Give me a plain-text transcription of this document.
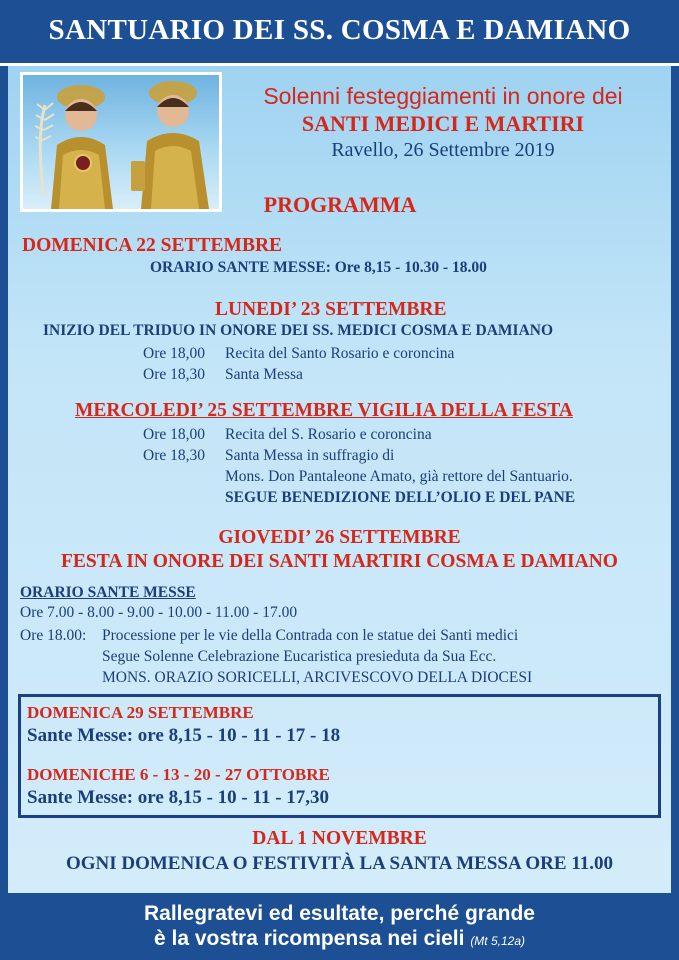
SANTUARIO DEI SS. COSMA E DAMIANO
Solenni festeggiamenti in onore dei
SANTI MEDICI E MARTIRI
Ravello, 26 Settembre 2019
PROGRAMMA
DOMENICA 22 SETTEMBRE
ORARIO SANTE MESSE: Ore 8,15 - 10.30 - 18.00
LUNEDI’ 23 SETTEMBRE
INIZIO DEL TRIDUO IN ONORE DEI SS. MEDICI COSMA E DAMIANO
Ore 18,00 Recita del Santo Rosario e coroncina
Ore 18,30 Santa Messa
MERCOLEDI’ 25 SETTEMBRE VIGILIA DELLA FESTA
Ore 18,00 Recita del S. Rosario e coroncina
Ore 18,30 Santa Messa in suffragio di
Mons. Don Pantaleone Amato, già rettore del Santuario.
SEGUE BENEDIZIONE DELL’OLIO E DEL PANE
GIOVEDI’ 26 SETTEMBRE
FESTA IN ONORE DEI SANTI MARTIRI COSMA E DAMIANO
ORARIO SANTE MESSE
Ore 7.00 - 8.00 - 9.00 - 10.00 - 11.00 - 17.00
Ore 18.00: Processione per le vie della Contrada con le statue dei Santi medici
Segue Solenne Celebrazione Eucaristica presieduta da Sua Ecc.
MONS. ORAZIO SORICELLI, ARCIVESCOVO DELLA DIOCESI
DOMENICA 29 SETTEMBRE
Sante Messe: ore 8,15 - 10 - 11 - 17 - 18
DOMENICHE 6 - 13 - 20 - 27 OTTOBRE
Sante Messe: ore 8,15 - 10 - 11 - 17,30
DAL 1 NOVEMBRE
OGNI DOMENICA O FESTIVITÀ LA SANTA MESSA ORE 11.00
Rallegratevi ed esultate, perché grande
è la vostra ricompensa nei cieli (Mt 5,12a)
